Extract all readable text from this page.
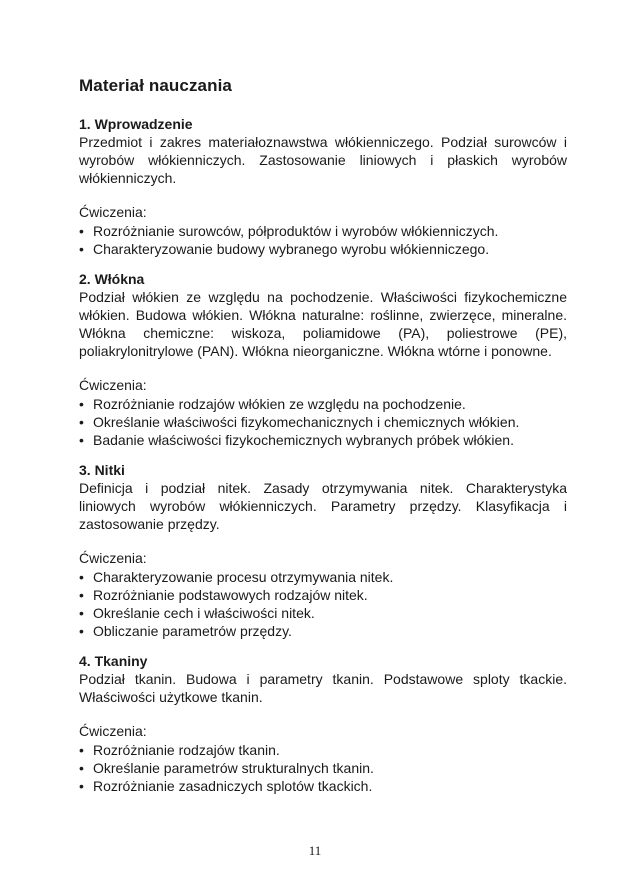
Materiał nauczania

1. Wprowadzenie

Przedmiot i zakres materiałoznawstwa włókienniczego. Podział surowców i wyrobów włókienniczych. Zastosowanie liniowych i płaskich wyrobów włókienniczych.

Ćwiczenia:

• Rozróżnianie surowców, półproduktów i wyrobów włókienniczych.
• Charakteryzowanie budowy wybranego wyrobu włókienniczego.

2. Włókna

Podział włókien ze względu na pochodzenie. Właściwości fizykochemiczne włókien. Budowa włókien. Włókna naturalne: roślinne, zwierzęce, mineralne. Włókna chemiczne: wiskoza, poliamidowe (PA), poliestrowe (PE), poliakrylonitrylowe (PAN). Włókna nieorganiczne. Włókna wtórne i ponowne.

Ćwiczenia:

• Rozróżnianie rodzajów włókien ze względu na pochodzenie.
• Określanie właściwości fizykomechanicznych i chemicznych włókien.
• Badanie właściwości fizykochemicznych wybranych próbek włókien.

3. Nitki

Definicja i podział nitek. Zasady otrzymywania nitek. Charakterystyka liniowych wyrobów włókienniczych. Parametry przędzy. Klasyfikacja i zastosowanie przędzy.

Ćwiczenia:

• Charakteryzowanie procesu otrzymywania nitek.
• Rozróżnianie podstawowych rodzajów nitek.
• Określanie cech i właściwości nitek.
• Obliczanie parametrów przędzy.

4. Tkaniny

Podział tkanin. Budowa i parametry tkanin. Podstawowe sploty tkackie. Właściwości użytkowe tkanin.

Ćwiczenia:

• Rozróżnianie rodzajów tkanin.
• Określanie parametrów strukturalnych tkanin.
• Rozróżnianie zasadniczych splotów tkackich.
11
